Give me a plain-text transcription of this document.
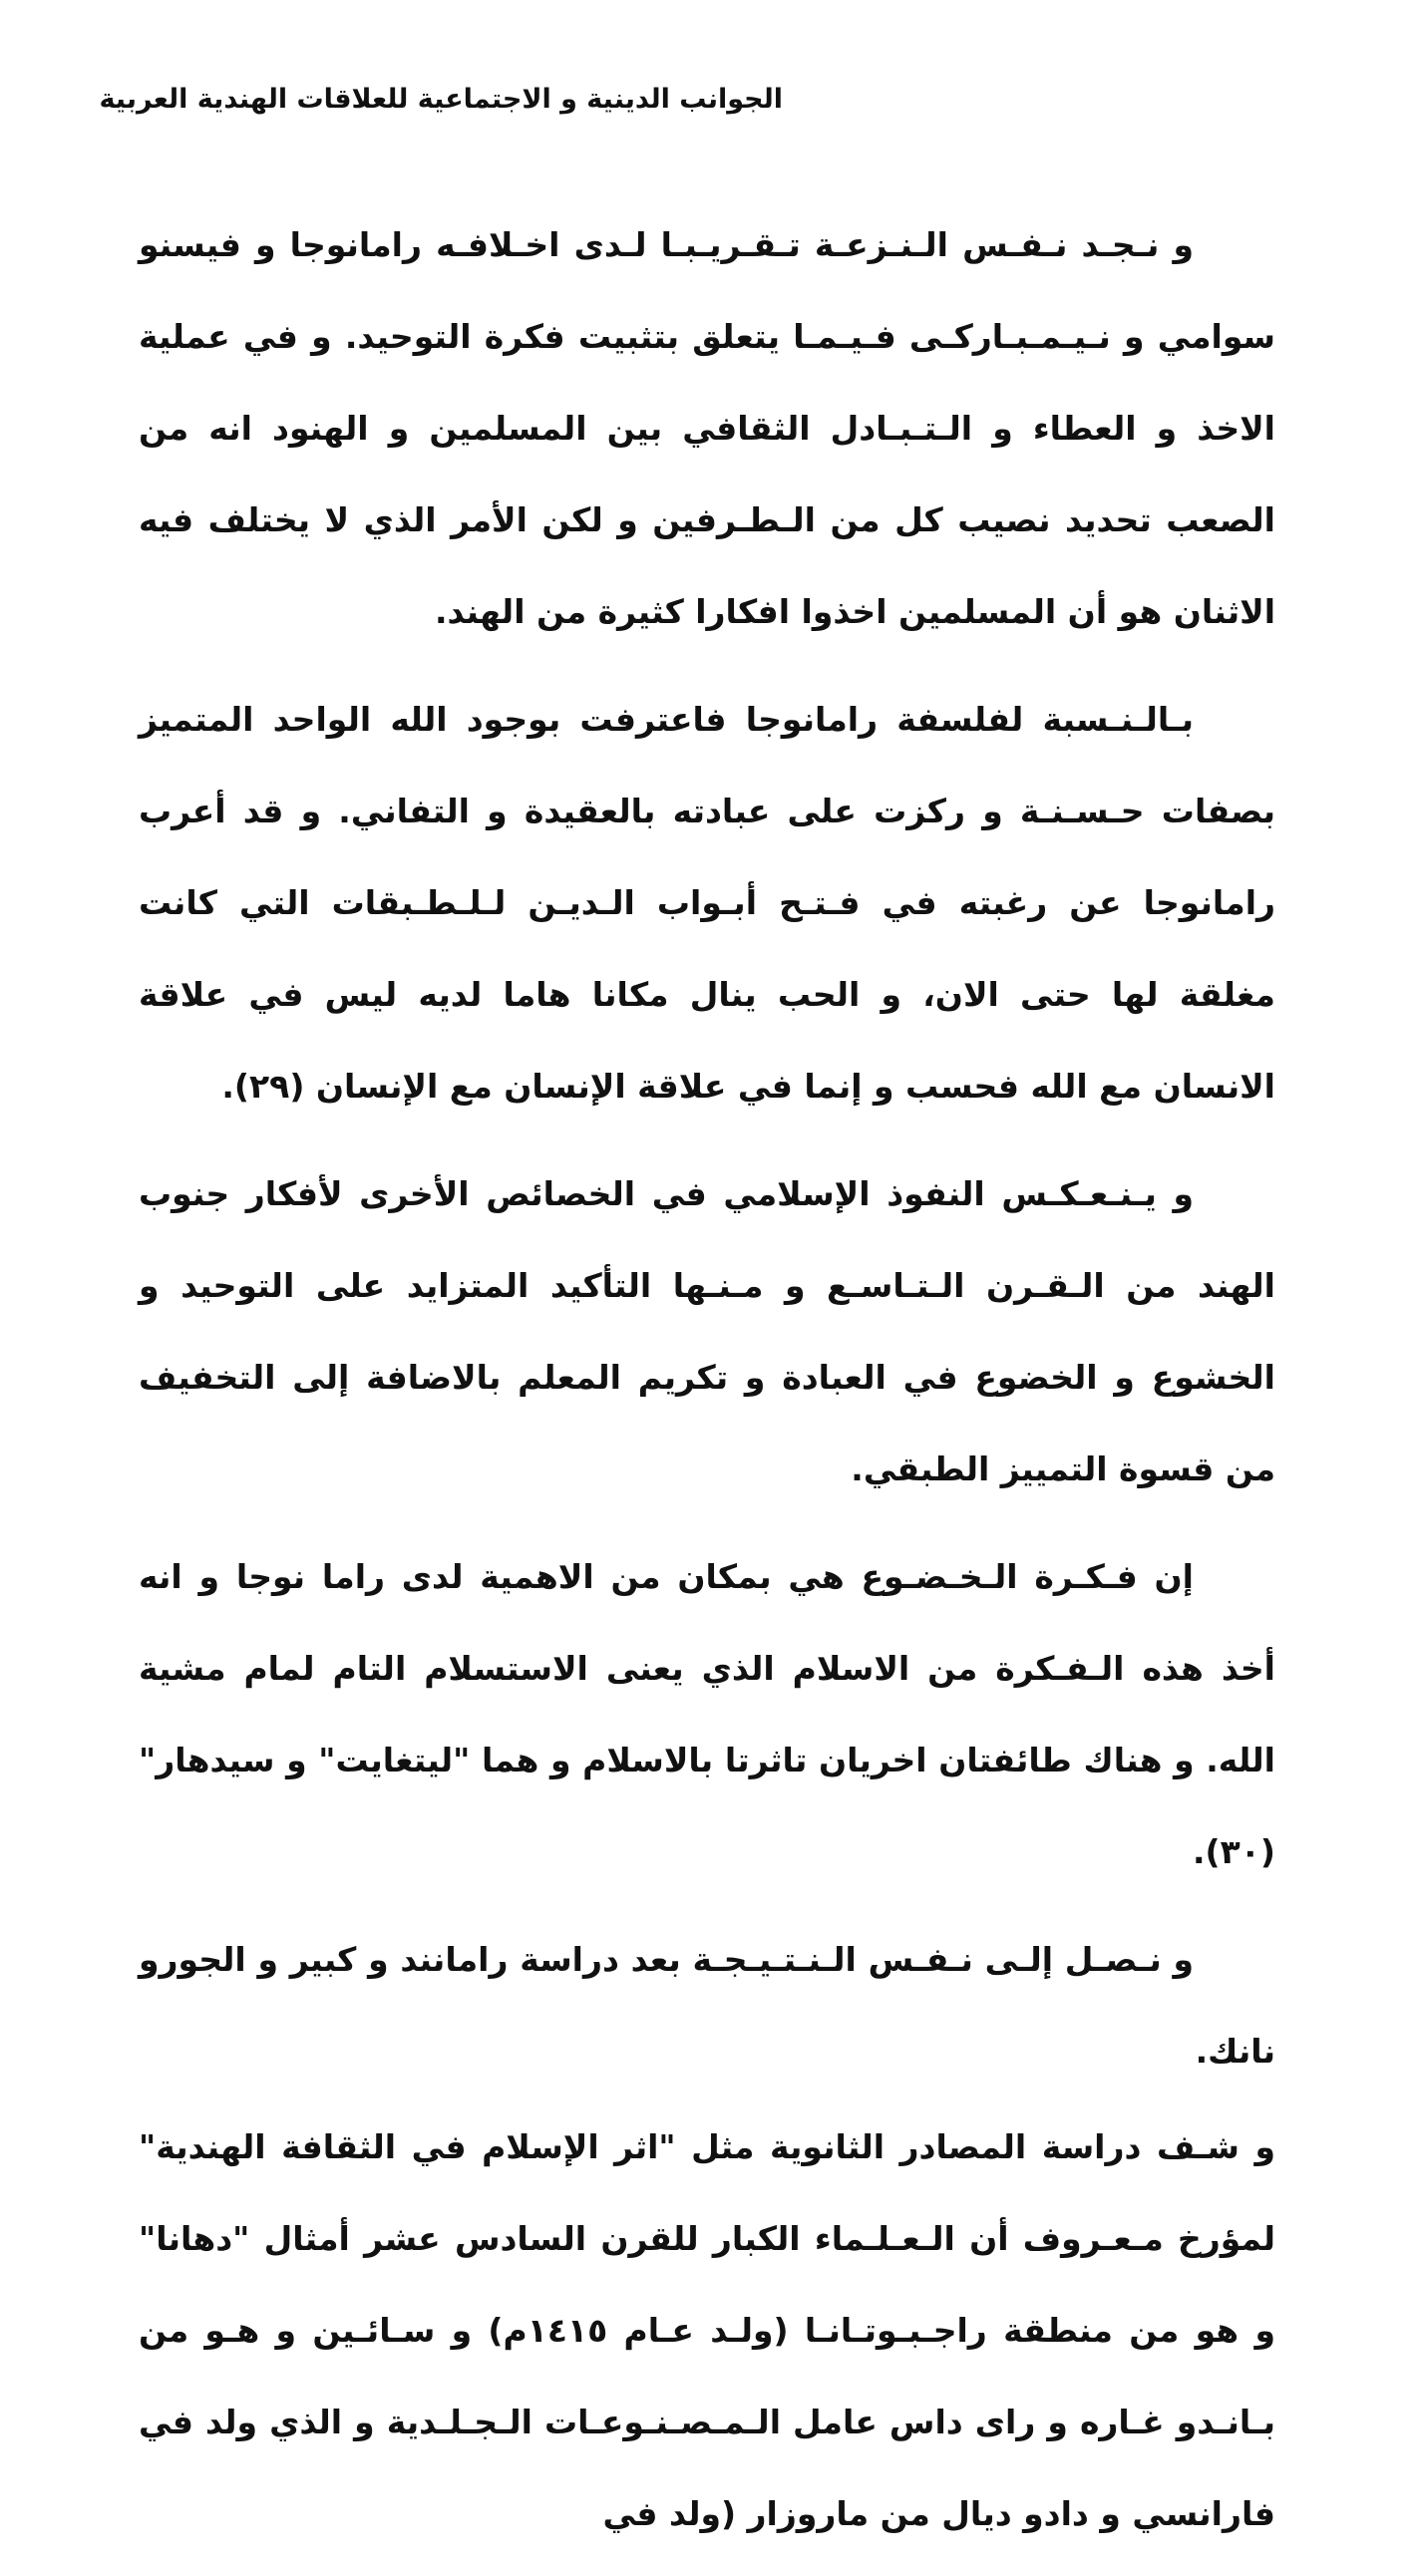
الجوانب الدينية و الاجتماعية للعلاقات الهندية العربية

و نـجـد نـفـس الـنـزعـة تـقـريـبـا لـدى اخـلافـه رامانوجا و فيسنو سوامي و نـيـمـبـاركـى فـيـمـا يتعلق بتثبيت فكرة التوحيد. و في عملية الاخذ و العطاء و الـتـبـادل الثقافي بين المسلمين و الهنود انه من الصعب تحديد نصيب كل من الـطـرفين و لكن الأمر الذي لا يختلف فيه الاثنان هو أن المسلمين اخذوا افكارا كثيرة من الهند.

بـالـنـسبة لفلسفة رامانوجا فاعترفت بوجود الله الواحد المتميز بصفات حـسـنـة و ركزت على عبادته بالعقيدة و التفاني. و قد أعرب رامانوجا عن رغبته في فـتـح أبـواب الـديـن لـلـطـبقات التي كانت مغلقة لها حتى الان، و الحب ينال مكانا هاما لديه ليس في علاقة الانسان مع الله فحسب و إنما في علاقة الإنسان مع الإنسان (٢٩).

و يـنـعـكـس النفوذ الإسلامي في الخصائص الأخرى لأفكار جنوب الهند من الـقـرن الـتـاسـع و مـنـها التأكيد المتزايد على التوحيد و الخشوع و الخضوع في العبادة و تكريم المعلم بالاضافة إلى التخفيف من قسوة التمييز الطبقي.

إن فـكـرة الـخـضـوع هي بمكان من الاهمية لدى راما نوجا و انه أخذ هذه الـفـكرة من الاسلام الذي يعنى الاستسلام التام لمام مشية الله. و هناك طائفتان اخريان تاثرتا بالاسلام و هما "ليتغايت" و سيدهار"(٣٠).

و نـصـل إلـى نـفـس الـنـتـيـجـة بعد دراسة رامانند و كبير و الجورو نانك.

و شـف دراسة المصادر الثانوية مثل "اثر الإسلام في الثقافة الهندية" لمؤرخ مـعـروف أن الـعـلـماء الكبار للقرن السادس عشر أمثال "دهانا" و هو من منطقة راجـبـوتـانـا (ولـد عـام ١٤١٥م) و سـائـين و هـو من بـانـدو غـاره و راى داس عامل الـمـصـنـوعـات الـجـلـدية و الذي ولد في فارانسي و دادو ديال من ماروزار (ولد في
